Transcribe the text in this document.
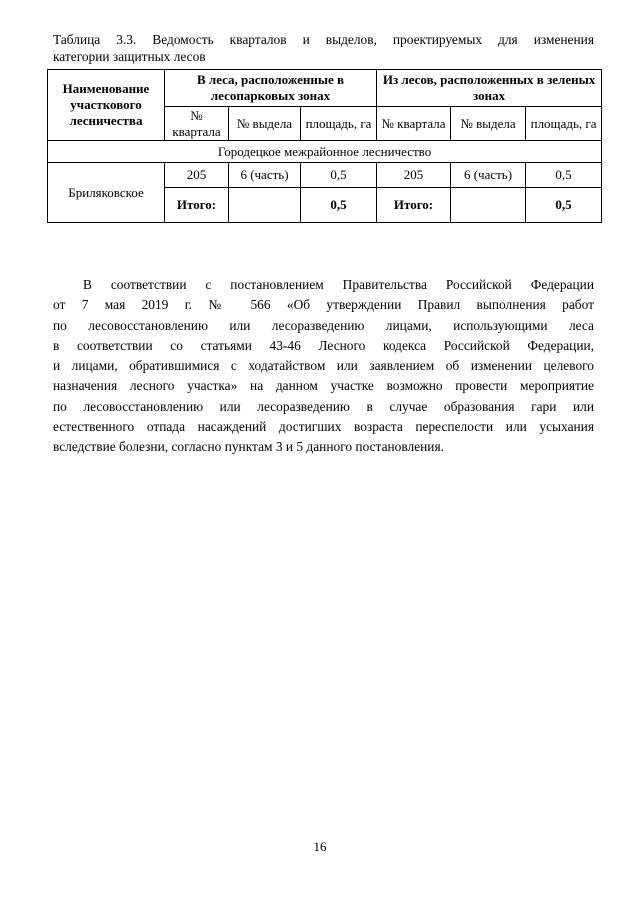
Таблица 3.3. Ведомость кварталов и выделов, проектируемых для изменения
категории защитных лесов
Наименование участкового лесничества	В леса, расположенные в лесопарковых зонах			Из лесов, расположенных в зеленых зонах		
	№ квартала	№ выдела	площадь, га	№ квартала	№ выдела	площадь, га
Городецкое межрайонное лесничество						
Бриляковское	205	6 (часть)	0,5	205	6 (часть)	0,5
	Итого:		0,5	Итого:		0,5
В соответствии с постановлением Правительства Российской Федерации
от 7 мая 2019 г. № 566 «Об утверждении Правил выполнения работ
по лесовосстановлению или лесоразведению лицами, использующими леса
в соответствии со статьями 43-46 Лесного кодекса Российской Федерации,
и лицами, обратившимися с ходатайством или заявлением об изменении целевого
назначения лесного участка» на данном участке возможно провести мероприятие
по лесовосстановлению или лесоразведению в случае образования гари или
естественного отпада насаждений достигших возраста переспелости или усыхания
вследствие болезни, согласно пунктам 3 и 5 данного постановления.
16
